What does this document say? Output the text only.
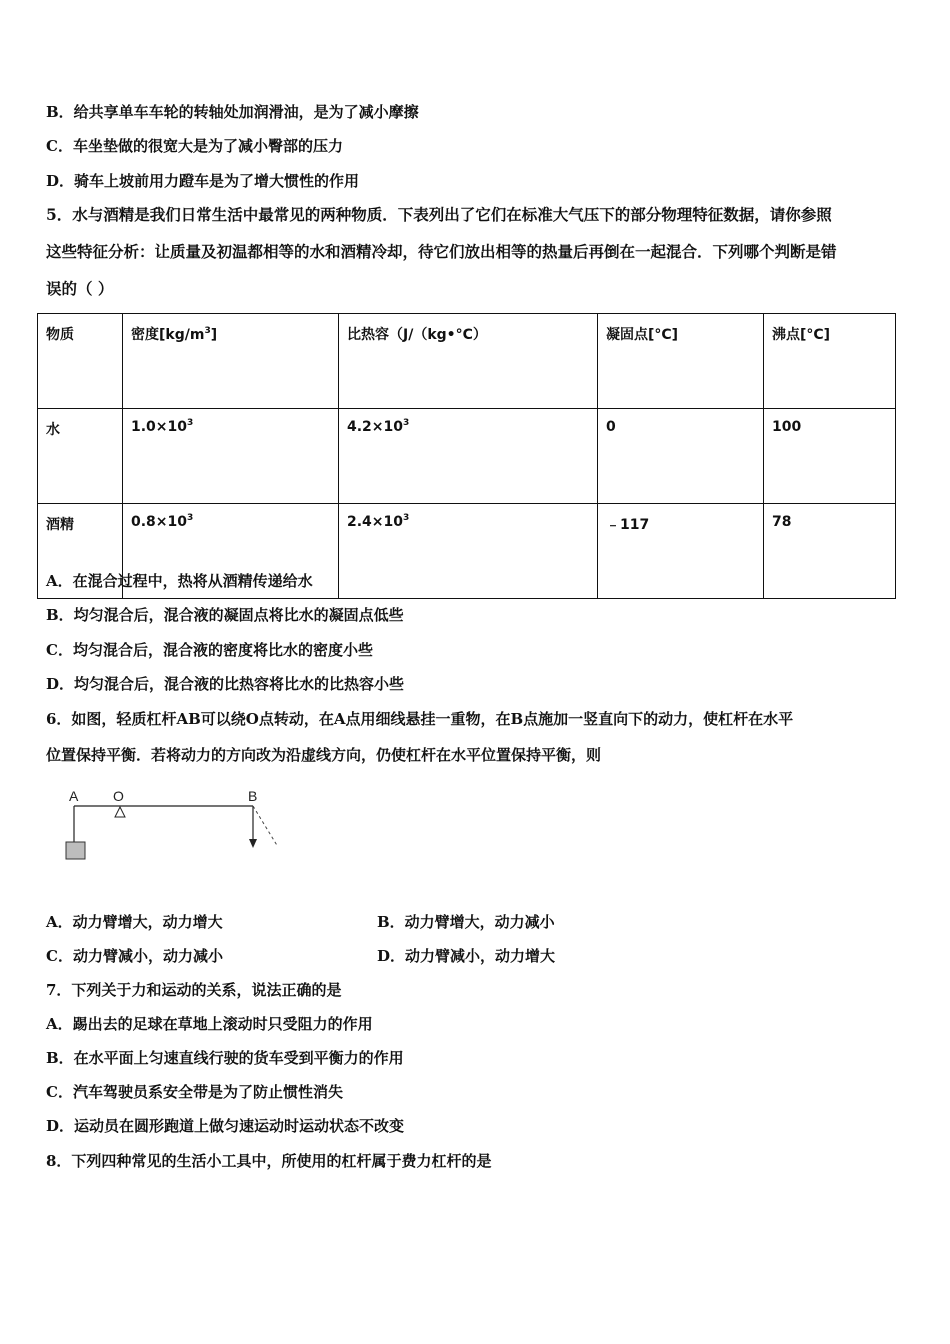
B．给共享单车车轮的转轴处加润滑油，是为了减小摩擦
C．车坐垫做的很宽大是为了减小臀部的压力
D．骑车上坡前用力蹬车是为了增大惯性的作用
5．水与酒精是我们日常生活中最常见的两种物质．下表列出了它们在标准大气压下的部分物理特征数据，请你参照
这些特征分析：让质量及初温都相等的水和酒精冷却，待它们放出相等的热量后再倒在一起混合．下列哪个判断是错
误的（ ）
物质	密度$[kg/m^3]$	比热容（J/（kg•°C）	凝固点[°C]	沸点[°C]
水	$1.0\times 10^3$	$4.2\times 10^3$	0	100
酒精	$0.8\times 10^3$	$2.4\times 10^3$	﹣117	78
A．在混合过程中，热将从酒精传递给水
B．均匀混合后，混合液的凝固点将比水的凝固点低些
C．均匀混合后，混合液的密度将比水的密度小些
D．均匀混合后，混合液的比热容将比水的比热容小些
6．如图，轻质杠杆AB可以绕O点转动，在A点用细线悬挂一重物，在B点施加一竖直向下的动力，使杠杆在水平
位置保持平衡．若将动力的方向改为沿虚线方向，仍使杠杆在水平位置保持平衡，则
A O	B
A．动力臂增大，动力增大	B．动力臂增大，动力减小
C．动力臂减小，动力减小	D．动力臂减小，动力增大
7．下列关于力和运动的关系，说法正确的是
A．踢出去的足球在草地上滚动时只受阻力的作用
B．在水平面上匀速直线行驶的货车受到平衡力的作用
C．汽车驾驶员系安全带是为了防止惯性消失
D．运动员在圆形跑道上做匀速运动时运动状态不改变
8．下列四种常见的生活小工具中，所使用的杠杆属于费力杠杆的是
